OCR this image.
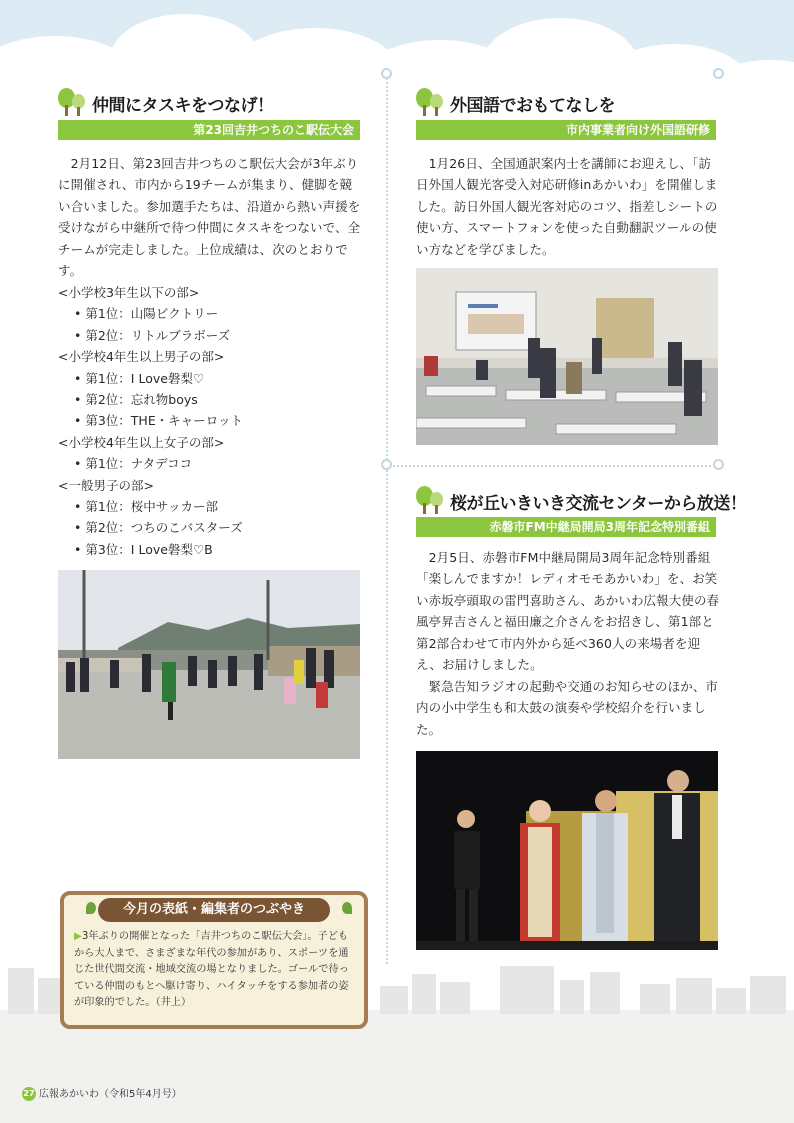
仲間にタスキをつなげ！
第23回吉井つちのこ駅伝大会
　2月12日、第23回吉井つちのこ駅伝大会が3年ぶりに開催され、市内から19チームが集まり、健脚を競い合いました。参加選手たちは、沿道から熱い声援を受けながら中継所で待つ仲間にタスキをつないで、全チームが完走しました。上位成績は、次のとおりです。
<小学校3年生以下の部>
• 第1位：山陽ビクトリー
• 第2位：リトルブラボーズ
<小学校4年生以上男子の部>
• 第1位：I Love磐梨♡
• 第2位：忘れ物boys
• 第3位：THE・キャーロット
<小学校4年生以上女子の部>
• 第1位：ナタデココ
<一般男子の部>
• 第1位：桜中サッカー部
• 第2位：つちのこバスターズ
• 第3位：I Love磐梨♡B
外国語でおもてなしを
市内事業者向け外国語研修
　1月26日、全国通訳案内士を講師にお迎えし、「訪日外国人観光客受入対応研修inあかいわ」を開催しました。訪日外国人観光客対応のコツ、指差しシートの使い方、スマートフォンを使った自動翻訳ツールの使い方などを学びました。
桜が丘いきいき交流センターから放送！
赤磐市FM中継局開局3周年記念特別番組
　2月5日、赤磐市FM中継局開局3周年記念特別番組「楽しんでますか！レディオモモあかいわ」を、お笑い赤坂亭頭取の雷門喜助さん、あかいわ広報大使の春風亭昇吉さんと福田廉之介さんをお招きし、第1部と第2部合わせて市内外から延べ360人の来場者を迎え、お届けしました。
　緊急告知ラジオの起動や交通のお知らせのほか、市内の小中学生も和太鼓の演奏や学校紹介を行いました。
今月の表紙・編集者のつぶやき
▶3年ぶりの開催となった「吉井つちのこ駅伝大会」。子どもから大人まで、さまざまな年代の参加があり、スポーツを通じた世代間交流・地域交流の場となりました。ゴールで待っている仲間のもとへ駆け寄り、ハイタッチをする参加者の姿が印象的でした。（井上）
27 広報あかいわ（令和5年4月号）
